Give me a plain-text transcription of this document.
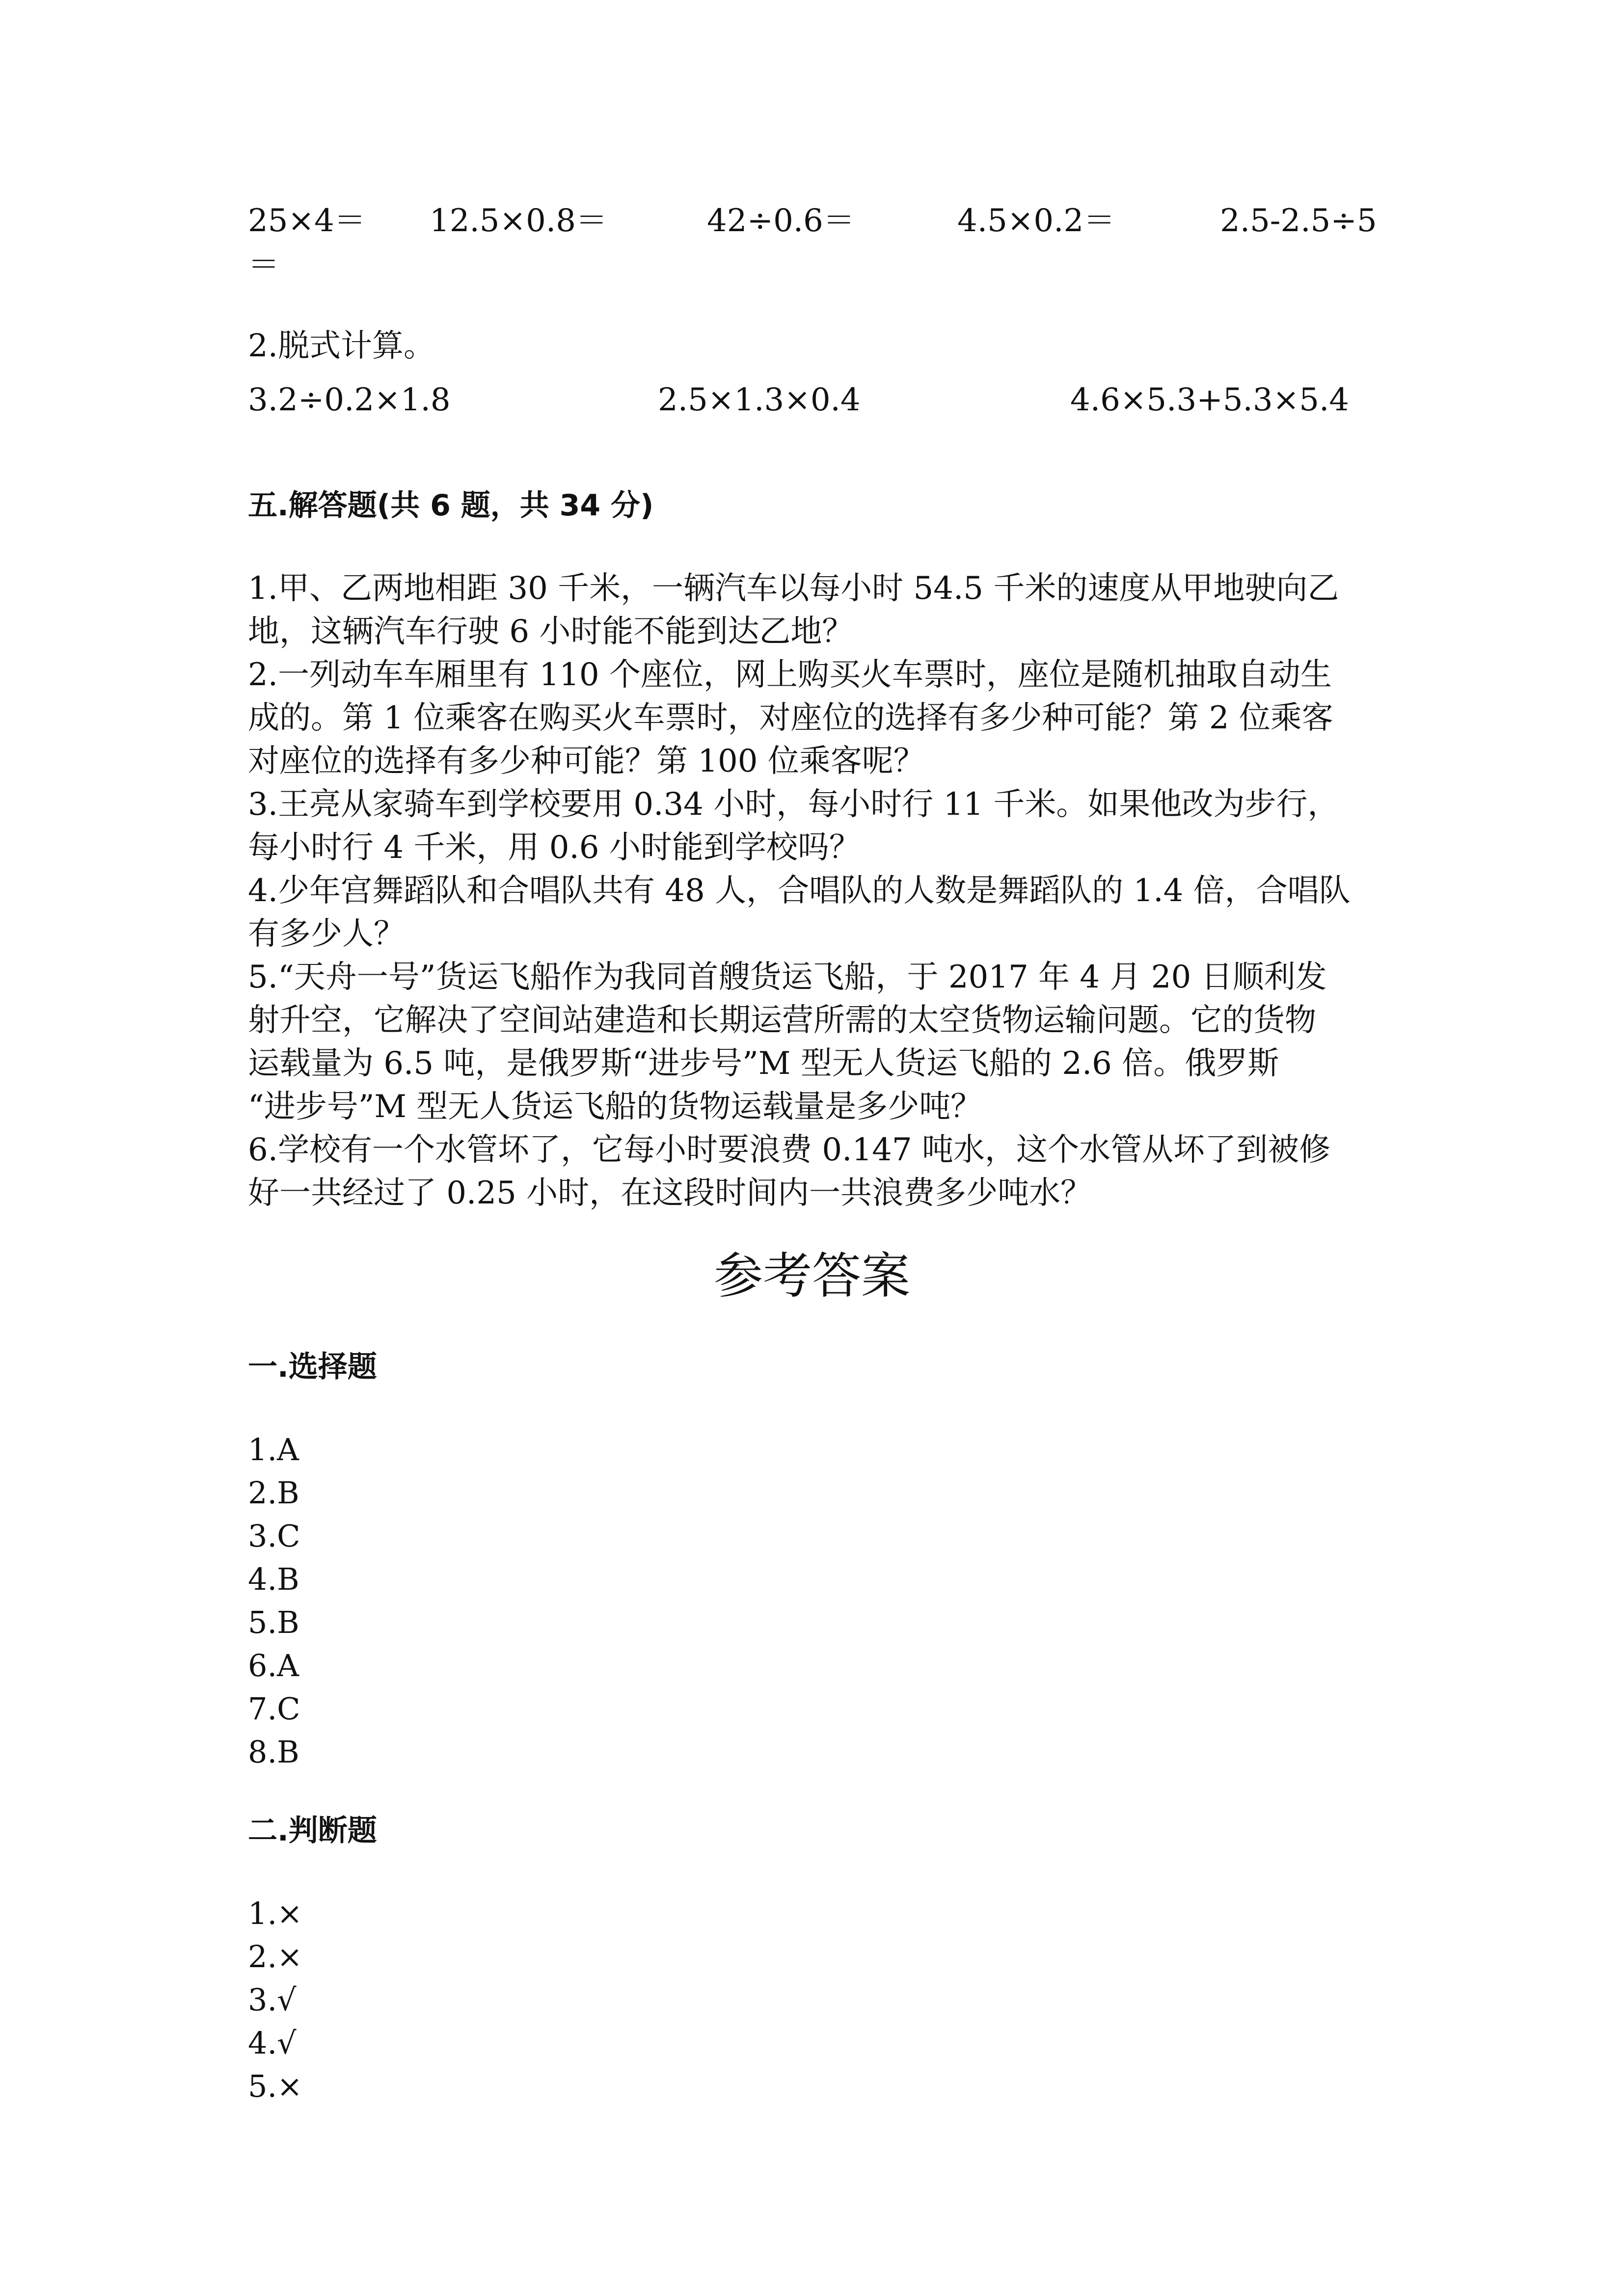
25×4＝ 12.5×0.8＝	42÷0.6＝	4.5×0.2＝	2.5-2.5÷5
＝
2.脱式计算。
3.2÷0.2×1.8	2.5×1.3×0.4	4.6×5.3+5.3×5.4
五.解答题(共 6 题，共 34 分)
1.甲、乙两地相距 30 千米，一辆汽车以每小时 54.5 千米的速度从甲地驶向乙
地，这辆汽车行驶 6 小时能不能到达乙地？
2.一列动车车厢里有 110 个座位，网上购买火车票时，座位是随机抽取自动生
成的。第 1 位乘客在购买火车票时，对座位的选择有多少种可能？第 2 位乘客
对座位的选择有多少种可能？第 100 位乘客呢？
3.王亮从家骑车到学校要用 0.34 小时，每小时行 11 千米。如果他改为步行，
每小时行 4 千米，用 0.6 小时能到学校吗？
4.少年宫舞蹈队和合唱队共有 48 人，合唱队的人数是舞蹈队的 1.4 倍，合唱队
有多少人？
5.“天舟一号”货运飞船作为我同首艘货运飞船，于 2017 年 4 月 20 日顺利发
射升空，它解决了空间站建造和长期运营所需的太空货物运输问题。它的货物
运载量为 6.5 吨，是俄罗斯“进步号”M 型无人货运飞船的 2.6 倍。俄罗斯
“进步号”M 型无人货运飞船的货物运载量是多少吨？
6.学校有一个水管坏了，它每小时要浪费 0.147 吨水，这个水管从坏了到被修
好一共经过了 0.25 小时，在这段时间内一共浪费多少吨水？
参考答案
一.选择题
1.A
2.B
3.C
4.B
5.B
6.A
7.C
8.B
二.判断题
1.×
2.×
3.√
4.√
5.×
